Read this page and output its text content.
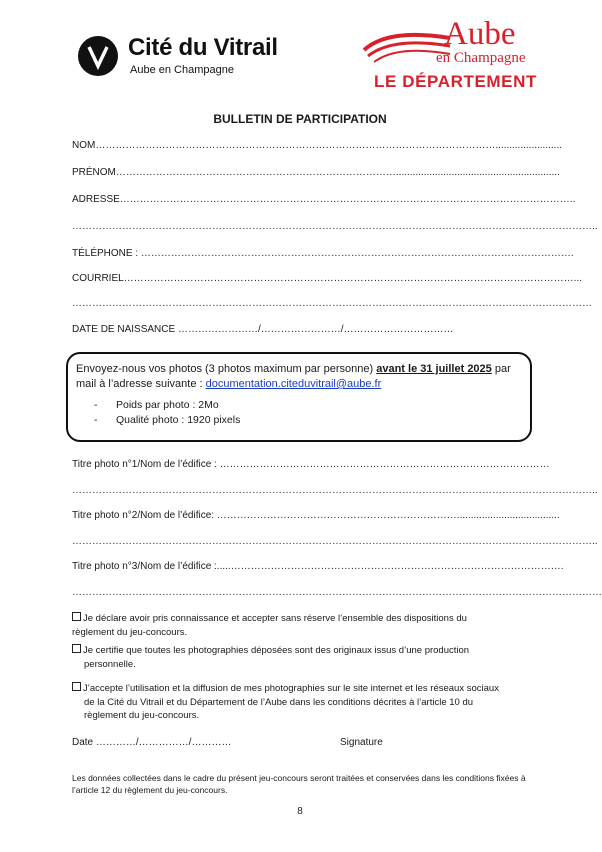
Cité du Vitrail
Aube en Champagne
Aube
en Champagne
LE DÉPARTEMENT
BULLETIN DE PARTICIPATION
NOM…………………………………………………………………………………………………………........................
PRÉNOM…………………………………………………………………………...........................................................
ADRESSE………………………………………………………………………………………………………………………..
…………………………………………………………………………………………………………………………………………..
TÉLÉPHONE : ………………………………………………………………………………………………………………….
COURRIEL………………………………………………………………………………………………………………………...
…………………………………………………………………………………………………………………………………………
DATE DE NAISSANCE ……………………/……………………/……………………………
Envoyez-nous vos photos (3 photos maximum par personne) avant le 31 juillet 2025 par
mail à l’adresse suivante : documentation.citeduvitrail@aube.fr
- Poids par photo : 2Mo
- Qualité photo : 1920 pixels
Titre photo n°1/Nom de l’édifice : ………………………………………………………………………………………
…………………………………………………………………………………………………………………………………………..
Titre photo n°2/Nom de l’édifice: ……………………………………………………………….....................................
…………………………………………………………………………………………………………………………………………..
Titre photo n°3/Nom de l’édifice :.....……………………………………………………………………………………….
……………………………………………………………………………………………………………………………………………
Je déclare avoir pris connaissance et accepter sans réserve l’ensemble des dispositions du
règlement du jeu-concours.
Je certifie que toutes les photographies déposées sont des originaux issus d’une production
personnelle.
J’accepte l’utilisation et la diffusion de mes photographies sur le site internet et les réseaux sociaux
de la Cité du Vitrail et du Département de l’Aube dans les conditions décrites à l’article 10 du
règlement du jeu-concours.
Date …………/……………/…………	Signature
Les données collectées dans le cadre du présent jeu-concours seront traitées et conservées dans les conditions fixées à l’article 12 du règlement du jeu-concours.
8
